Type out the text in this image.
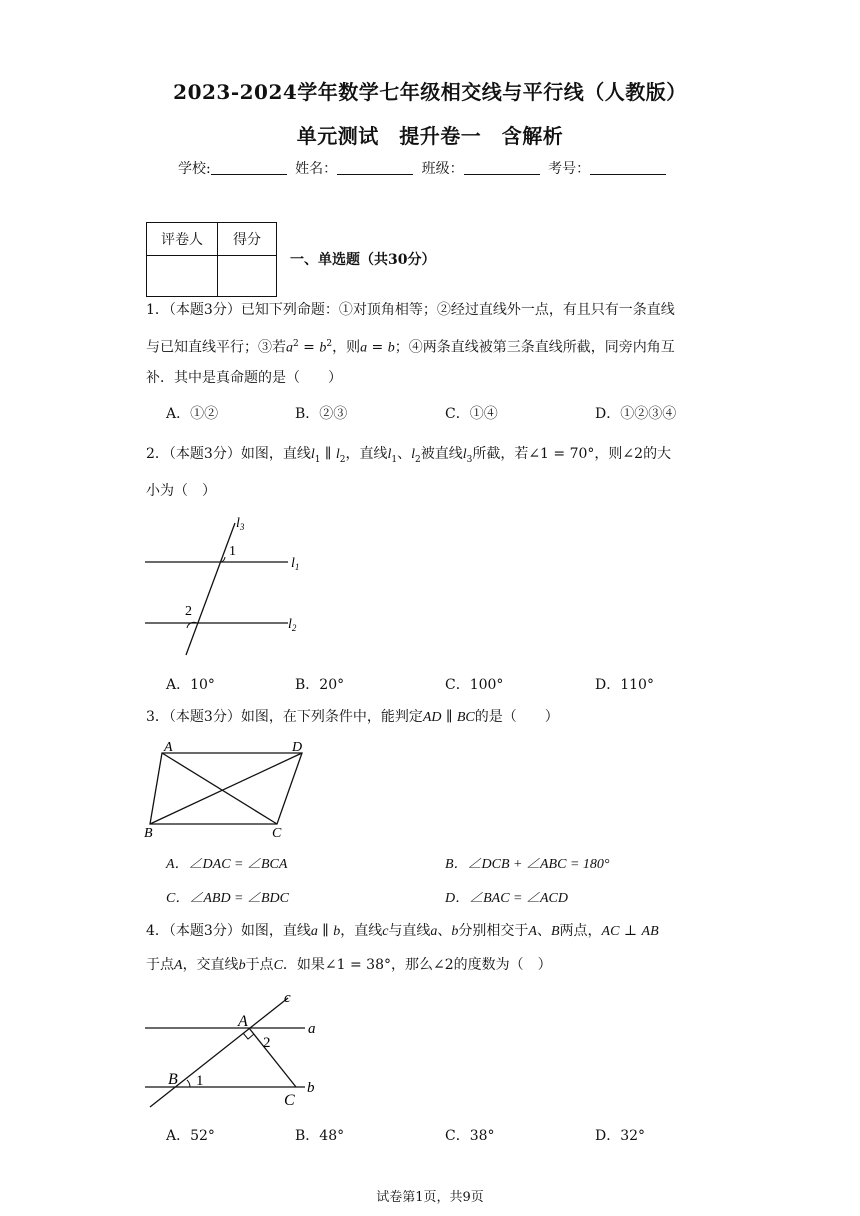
2023-2024学年数学七年级相交线与平行线（人教版）
单元测试　提升卷一　含解析
学校:	姓名：	班级：	考号：
评卷人	得分

一、单选题（共30分）
1．（本题3分）已知下列命题：①对顶角相等；②经过直线外一点，有且只有一条直线
与已知直线平行；③若$a^2 = b^2$，则a = b；④两条直线被第三条直线所截，同旁内角互
补．其中是真命题的是（　　）
A．①②	B．②③	C．①④	D．①②③④
2．（本题3分）如图，直线$l_1$ ∥ $l_2$，直线$l_1$、$l_2$被直线$l_3$所截，若∠1 = 70°，则∠2的大
小为（　）
$l_3$
1
$l_1$
2
$l_2$
A．10°	B．20°	C．100°	D．110°
3．（本题3分）如图，在下列条件中，能判定AD ∥ BC的是（　　）
A	D
B	C
A．∠DAC = ∠BCA	B．∠DCB + ∠ABC = 180°
C．∠ABD = ∠BDC	D．∠BAC = ∠ACD
4．（本题3分）如图，直线a ∥ b，直线c与直线a、b分别相交于A、B两点，AC ⊥ AB
于点A，交直线b于点C．如果∠1 = 38°，那么∠2的度数为（　）
c
A	a
2
B 1	b
C
A．52°	B．48°	C．38°	D．32°
试卷第1页，共9页
